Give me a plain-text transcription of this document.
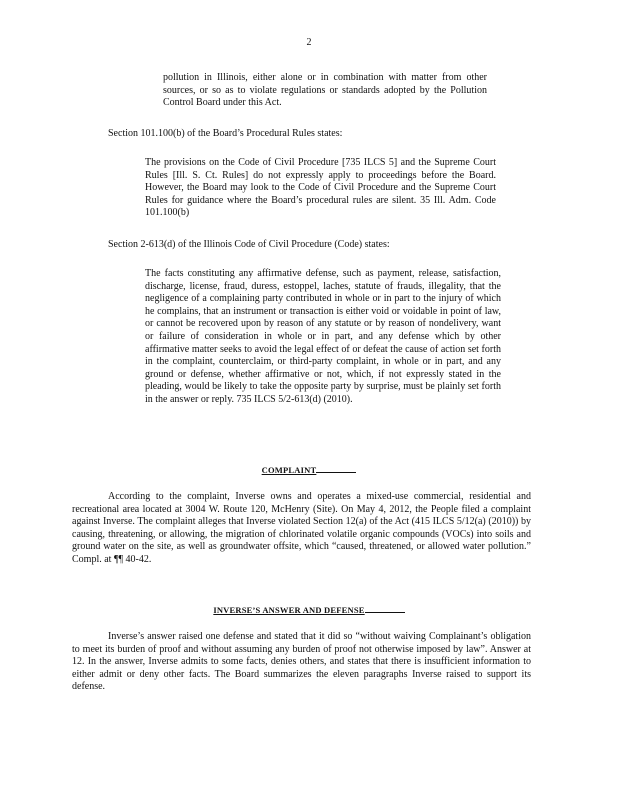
2

pollution in Illinois, either alone or in combination with matter from other sources, or so as to violate regulations or standards adopted by the Pollution Control Board under this Act.

Section 101.100(b) of the Board’s Procedural Rules states:

The provisions on the Code of Civil Procedure [735 ILCS 5] and the Supreme Court Rules [Ill. S. Ct. Rules] do not expressly apply to proceedings before the Board. However, the Board may look to the Code of Civil Procedure and the Supreme Court Rules for guidance where the Board’s procedural rules are silent. 35 Ill. Adm. Code 101.100(b)

Section 2-613(d) of the Illinois Code of Civil Procedure (Code) states:

The facts constituting any affirmative defense, such as payment, release, satisfaction, discharge, license, fraud, duress, estoppel, laches, statute of frauds, illegality, that the negligence of a complaining party contributed in whole or in part to the injury of which he complains, that an instrument or transaction is either void or voidable in point of law, or cannot be recovered upon by reason of any statute or by reason of nondelivery, want or failure of consideration in whole or in part, and any defense which by other affirmative matter seeks to avoid the legal effect of or defeat the cause of action set forth in the complaint, counterclaim, or third-party complaint, in whole or in part, and any ground or defense, whether affirmative or not, which, if not expressly stated in the pleading, would be likely to take the opposite party by surprise, must be plainly set forth in the answer or reply. 735 ILCS 5/2-613(d) (2010).

COMPLAINT

According to the complaint, Inverse owns and operates a mixed-use commercial, residential and recreational area located at 3004 W. Route 120, McHenry (Site). On May 4, 2012, the People filed a complaint against Inverse. The complaint alleges that Inverse violated Section 12(a) of the Act (415 ILCS 5/12(a) (2010)) by causing, threatening, or allowing, the migration of chlorinated volatile organic compounds (VOCs) into soils and ground water on the site, as well as groundwater offsite, which “caused, threatened, or allowed water pollution.” Compl. at ¶¶ 40-42.

INVERSE’S ANSWER AND DEFENSE

Inverse’s answer raised one defense and stated that it did so “without waiving Complainant’s obligation to meet its burden of proof and without assuming any burden of proof not otherwise imposed by law”. Answer at 12. In the answer, Inverse admits to some facts, denies others, and states that there is insufficient information to either admit or deny other facts. The Board summarizes the eleven paragraphs Inverse raised to support its defense.
